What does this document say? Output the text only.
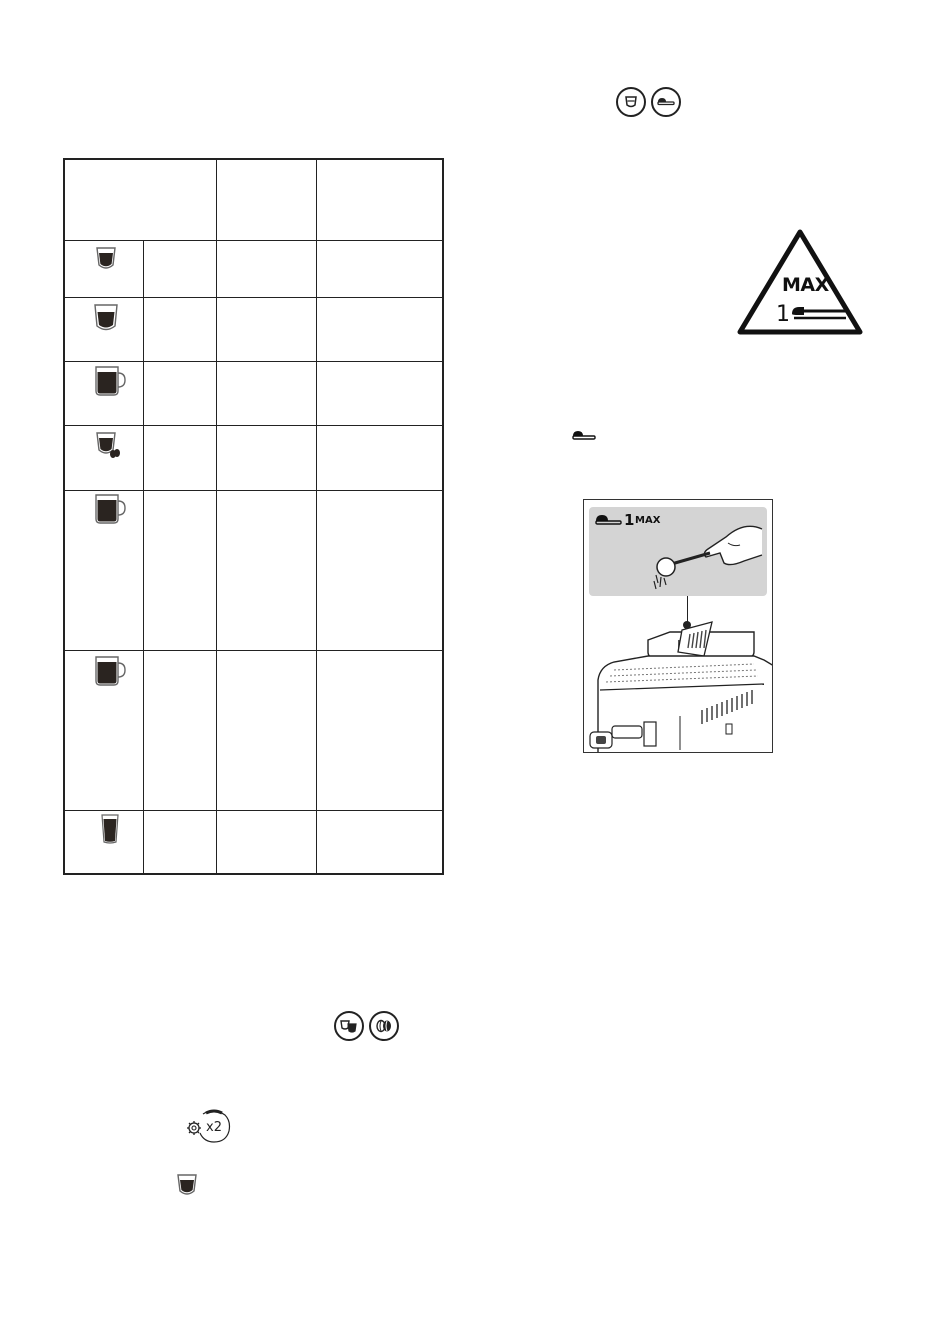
MAX
1
1 MAX
x2
